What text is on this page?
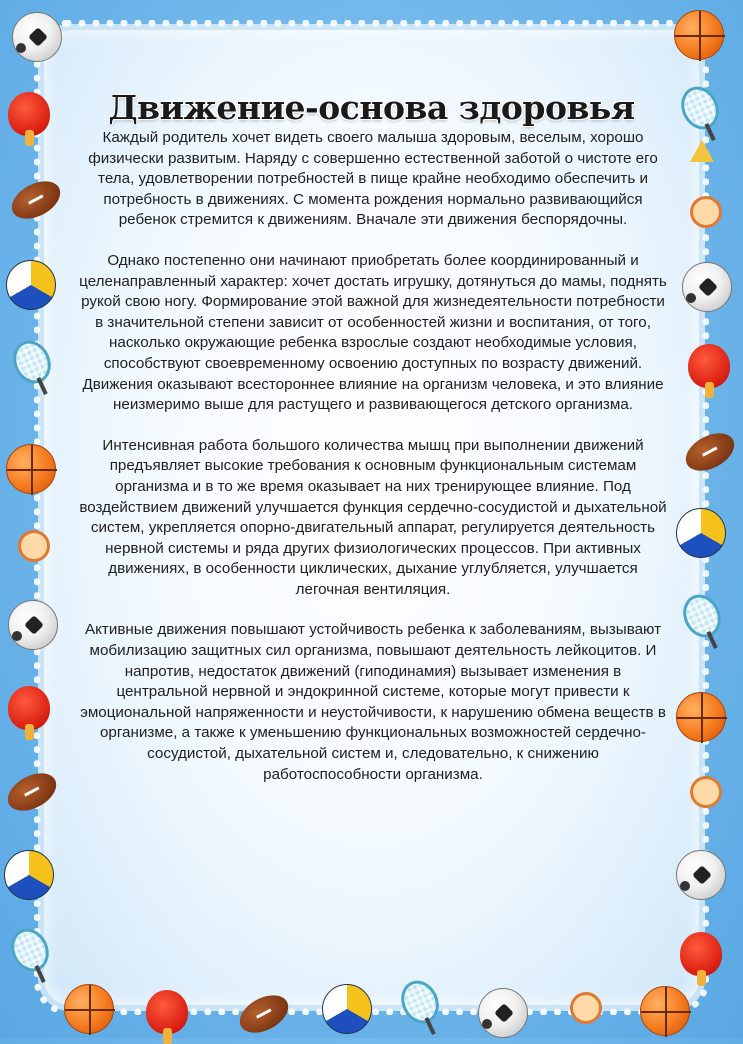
Движение-основа здоровья

Каждый родитель хочет видеть своего малыша здоровым, веселым, хорошо физически развитым. Наряду с совершенно естественной заботой о чистоте его тела, удовлетворении потребностей в пище крайне необходимо обеспечить и потребность в движениях. С момента рождения нормально развивающийся ребенок стремится к движениям. Вначале эти движения беспорядочны.

Однако постепенно они начинают приобретать более координированный и целенаправленный характер: хочет достать игрушку, дотянуться до мамы, поднять рукой свою ногу. Формирование этой важной для жизнедеятельности потребности в значительной степени зависит от особенностей жизни и воспитания, от того, насколько окружающие ребенка взрослые создают необходимые условия, способствуют своевременному освоению доступных по возрасту движений. Движения оказывают всестороннее влияние на организм человека, и это влияние неизмеримо выше для растущего и развивающегося детского организма.

Интенсивная работа большого количества мышц при выполнении движений предъявляет высокие требования к основным функциональным системам организма и в то же время оказывает на них тренирующее влияние. Под воздействием движений улучшается функция сердечно-сосудистой и дыхательной систем, укрепляется опорно-двигательный аппарат, регулируется деятельность нервной системы и ряда других физиологических процессов. При активных движениях, в особенности циклических, дыхание углубляется, улучшается легочная вентиляция.

Активные движения повышают устойчивость ребенка к заболеваниям, вызывают мобилизацию защитных сил организма, повышают деятельность лейкоцитов. И напротив, недостаток движений (гиподинамия) вызывает изменения в центральной нервной и эндокринной системе, которые могут привести к эмоциональной напряженности и неустойчивости, к нарушению обмена веществ в организме, а также к уменьшению функциональных возможностей сердечно-сосудистой, дыхательной систем и, следовательно, к снижению работоспособности организма.
